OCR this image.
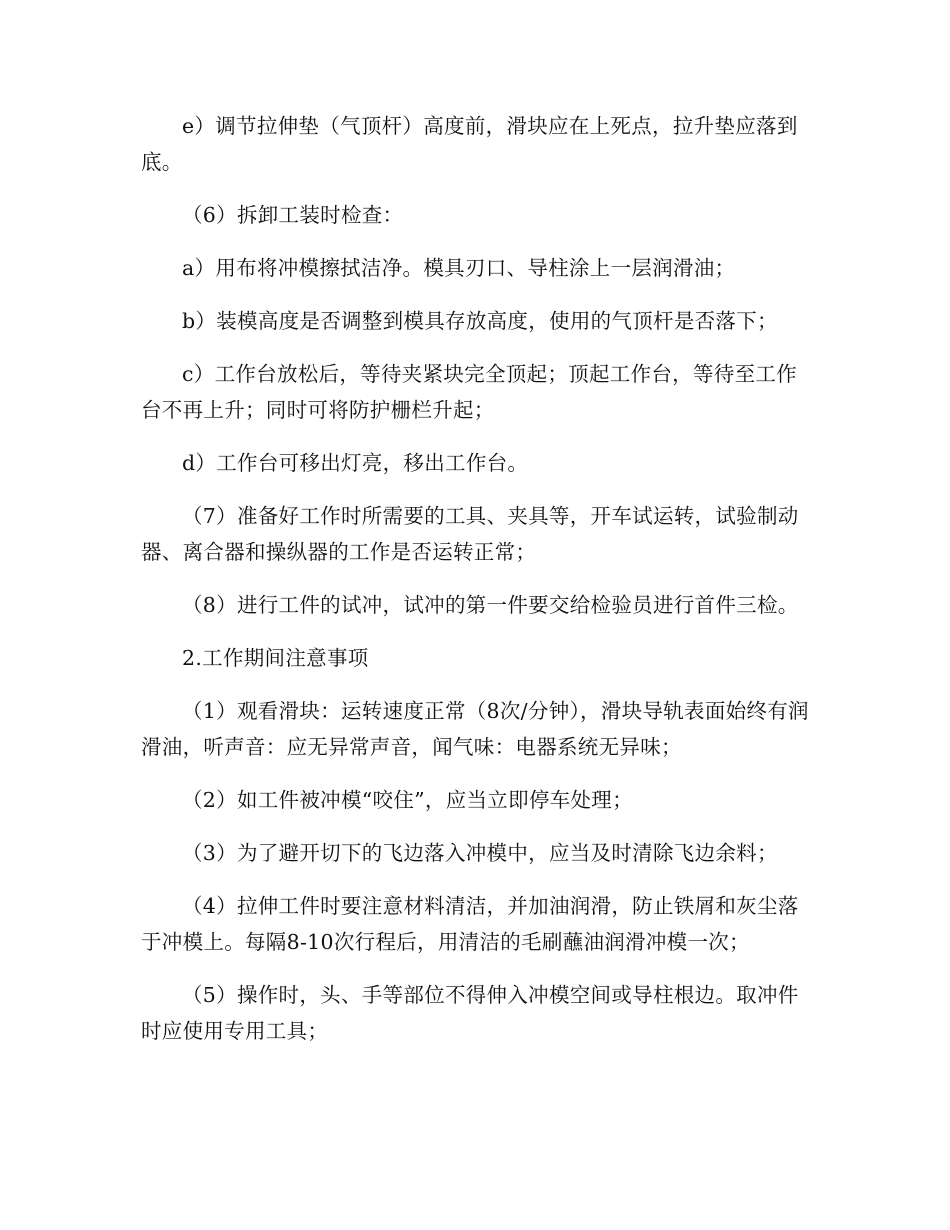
e）调节拉伸垫（气顶杆）高度前，滑块应在上死点，拉升垫应落到底。

（6）拆卸工装时检查：

a）用布将冲模擦拭洁净。模具刃口、导柱涂上一层润滑油；

b）装模高度是否调整到模具存放高度，使用的气顶杆是否落下；

c）工作台放松后，等待夹紧块完全顶起；顶起工作台，等待至工作台不再上升；同时可将防护栅栏升起；

d）工作台可移出灯亮，移出工作台。

（7）准备好工作时所需要的工具、夹具等，开车试运转，试验制动器、离合器和操纵器的工作是否运转正常；

（8）进行工件的试冲，试冲的第一件要交给检验员进行首件三检。

2.工作期间注意事项

（1）观看滑块：运转速度正常（8次/分钟），滑块导轨表面始终有润滑油，听声音：应无异常声音，闻气味：电器系统无异味；

（2）如工件被冲模“咬住”，应当立即停车处理；

（3）为了避开切下的飞边落入冲模中，应当及时清除飞边余料；

（4）拉伸工件时要注意材料清洁，并加油润滑，防止铁屑和灰尘落于冲模上。每隔8-10次行程后，用清洁的毛刷蘸油润滑冲模一次；

（5）操作时，头、手等部位不得伸入冲模空间或导柱根边。取冲件时应使用专用工具；
